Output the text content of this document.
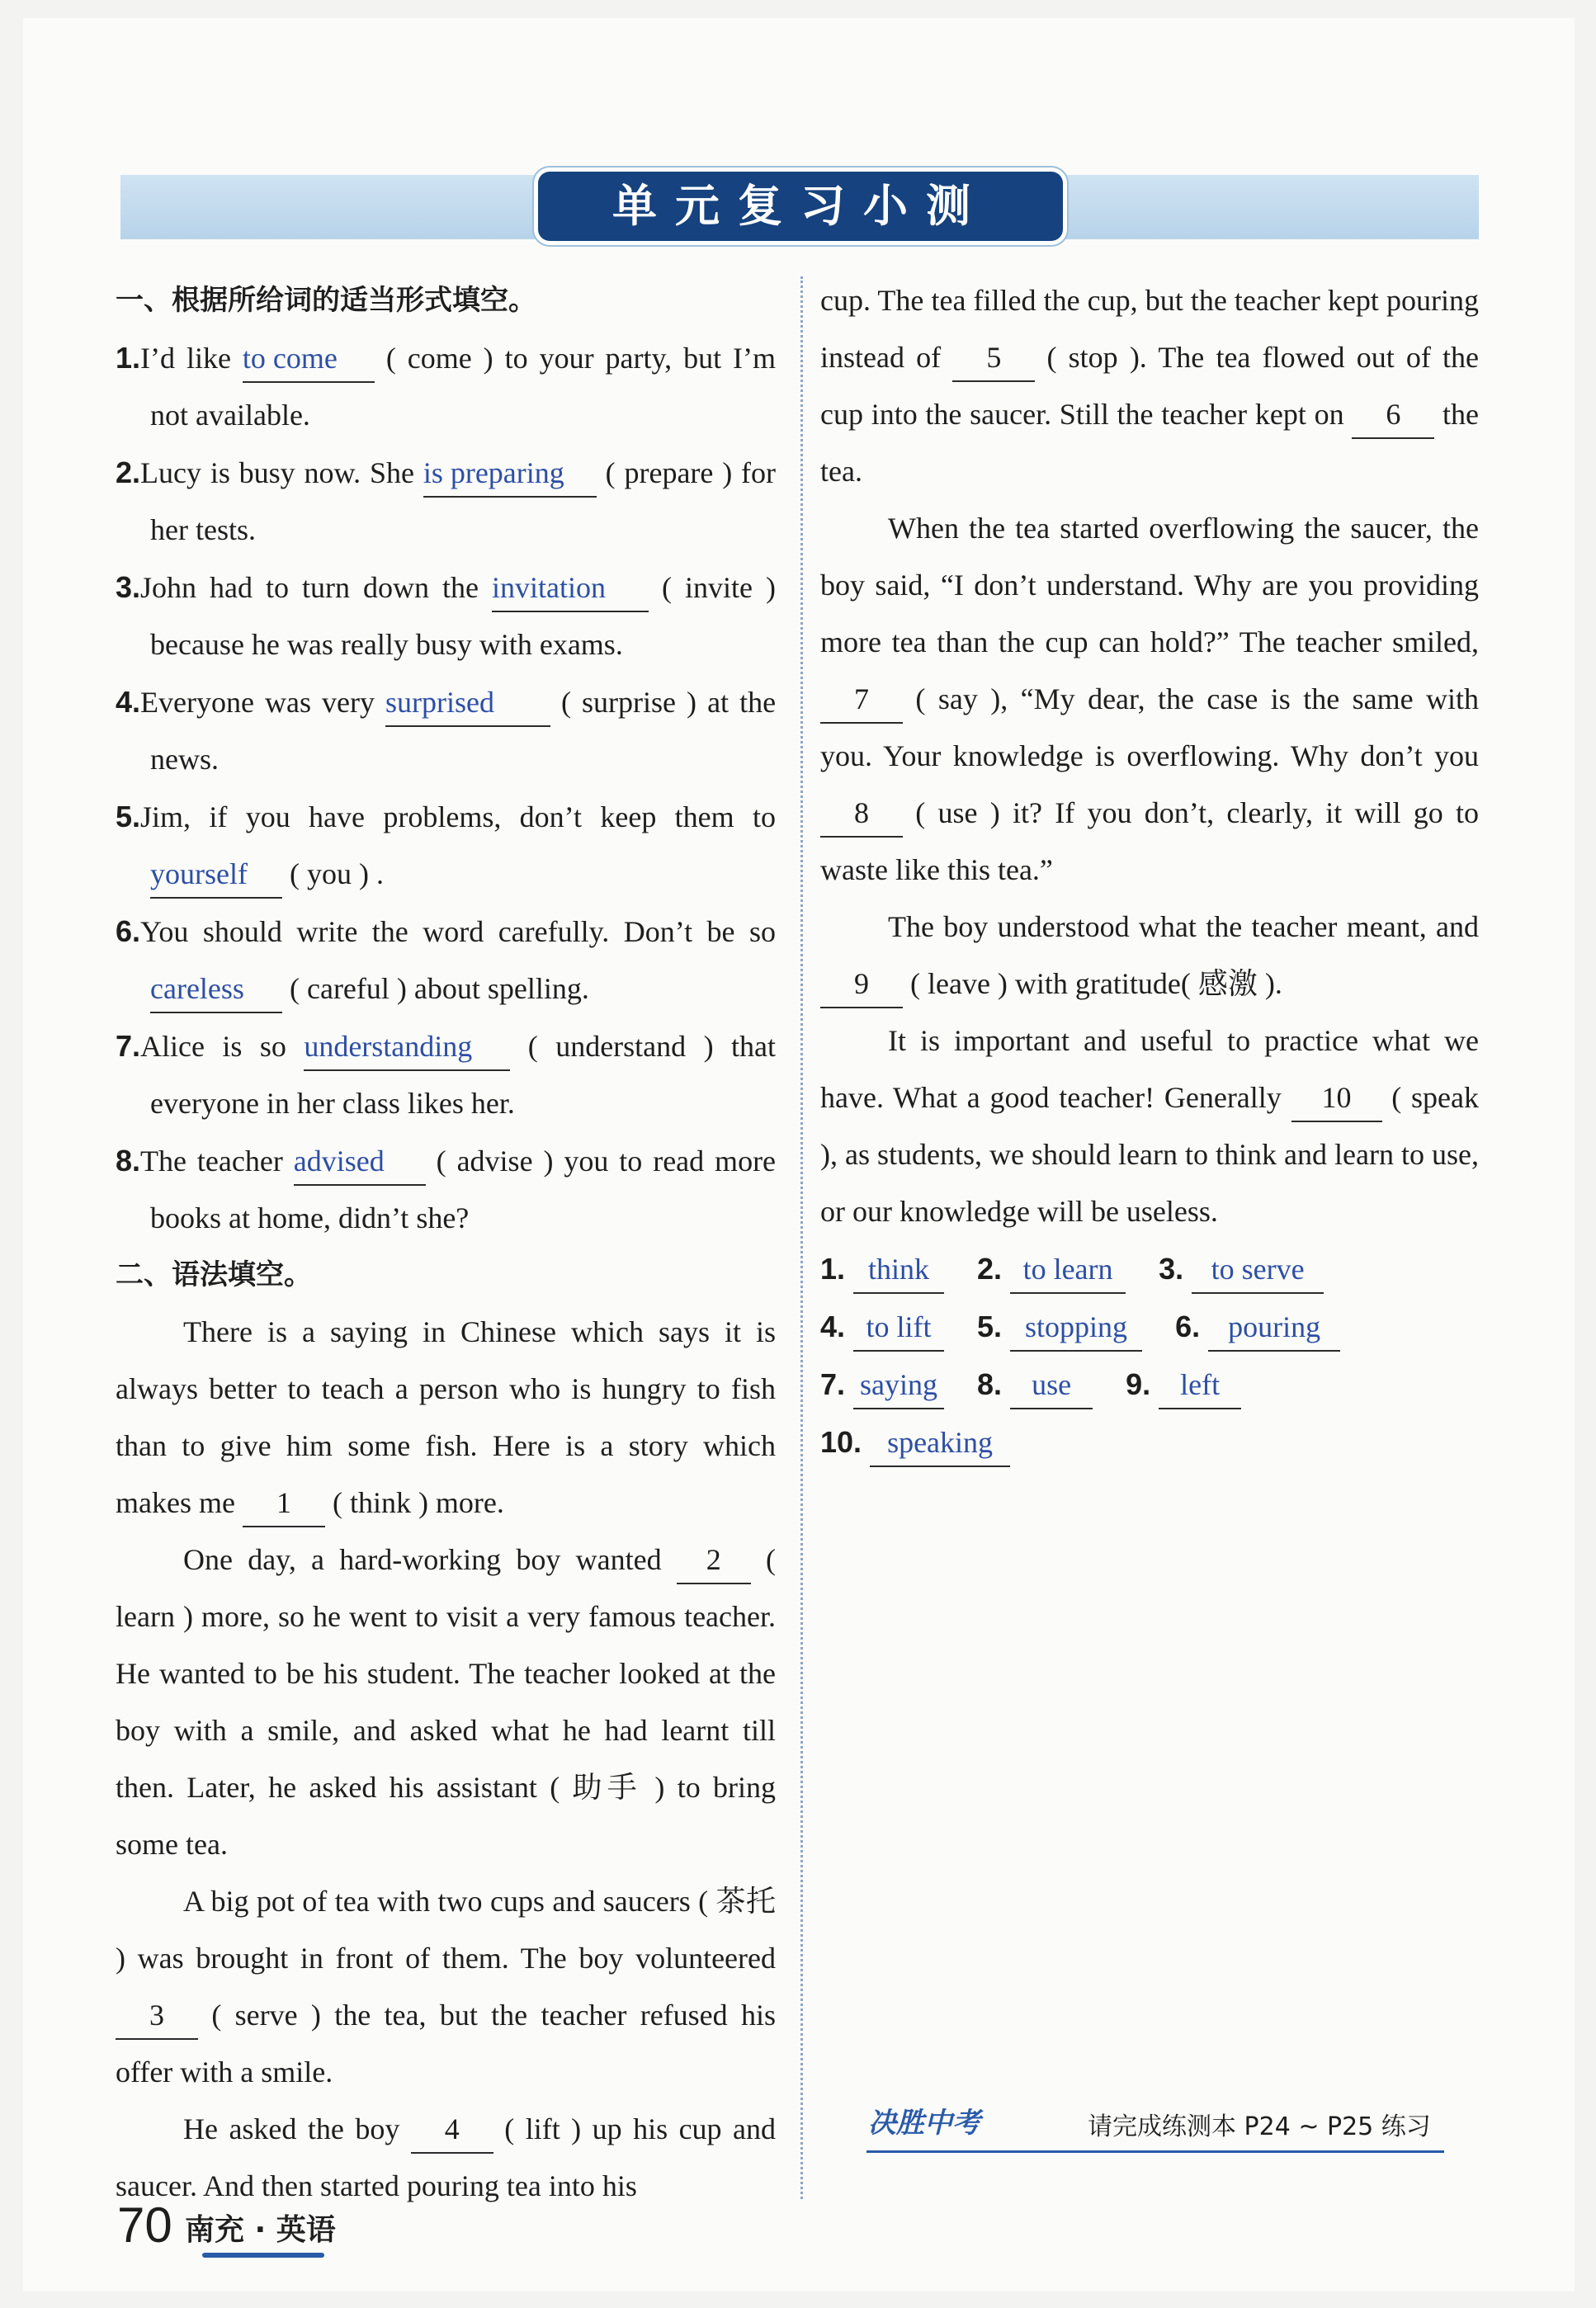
单元复习小测
一、根据所给词的适当形式填空。
1.I’d like to come ( come ) to your party, but I’m not available.
2.Lucy is busy now. She is preparing ( prepare ) for her tests.
3.John had to turn down the invitation ( invite ) because he was really busy with exams.
4.Everyone was very surprised ( surprise ) at the news.
5.Jim, if you have problems, don’t keep them to yourself ( you ) .
6.You should write the word carefully. Don’t be so careless ( careful ) about spelling.
7.Alice is so understanding ( understand ) that everyone in her class likes her.
8.The teacher advised ( advise ) you to read more books at home, didn’t she?
二、语法填空。
There is a saying in Chinese which says it is always better to teach a person who is hungry to fish than to give him some fish. Here is a story which makes me 1 ( think ) more.
One day, a hard-working boy wanted 2 ( learn ) more, so he went to visit a very famous teacher. He wanted to be his student. The teacher looked at the boy with a smile, and asked what he had learnt till then. Later, he asked his assistant ( 助手 ) to bring some tea.
A big pot of tea with two cups and saucers ( 茶托 ) was brought in front of them. The boy volunteered 3 ( serve ) the tea, but the teacher refused his offer with a smile.
He asked the boy 4 ( lift ) up his cup and saucer. And then started pouring tea into his
cup. The tea filled the cup, but the teacher kept pouring instead of 5 ( stop ). The tea flowed out of the cup into the saucer. Still the teacher kept on 6 the tea.
When the tea started overflowing the saucer, the boy said, “I don’t understand. Why are you providing more tea than the cup can hold?” The teacher smiled, 7 ( say ), “My dear, the case is the same with you. Your knowledge is overflowing. Why don’t you 8 ( use ) it? If you don’t, clearly, it will go to waste like this tea.”
The boy understood what the teacher meant, and 9 ( leave ) with gratitude( 感激 ).
It is important and useful to practice what we have. What a good teacher! Generally 10 ( speak ), as students, we should learn to think and learn to use, or our knowledge will be useless.
1. think 2. to learn 3. to serve
4. to lift 5. stopping 6. pouring
7. saying 8. use 9. left
10. speaking
决胜中考	请完成练测本 P24 ~ P25 练习
70 南充 · 英语
